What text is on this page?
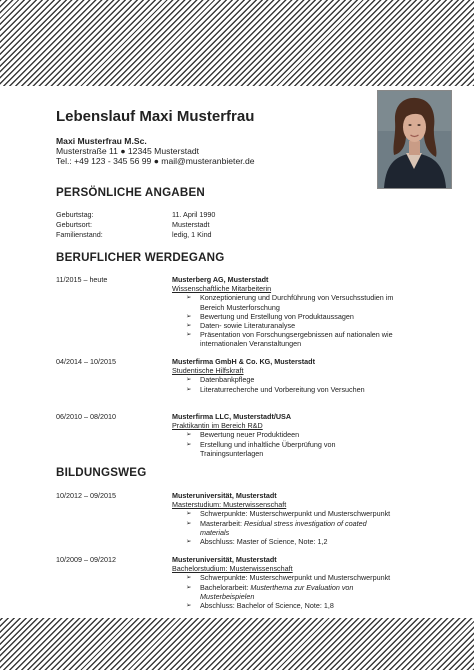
Lebenslauf Maxi Musterfrau
Maxi Musterfrau M.Sc.
Musterstraße 11 ● 12345 Musterstadt
Tel.: +49 123 - 345 56 99 ● mail@musteranbieter.de
PERSÖNLICHE ANGABEN
Geburtstag:	11. April 1990
Geburtsort:	Musterstadt
Familienstand:	ledig, 1 Kind
BERUFLICHER WERDEGANG
11/2015 – heute	Musterberg AG, Musterstadt
Wissenschaftliche Mitarbeiterin
➢ Konzeptionierung und Durchführung von Versuchsstudien im
Bereich Musterforschung
➢ Bewertung und Erstellung von Produktaussagen
➢ Daten- sowie Literaturanalyse
➢ Präsentation von Forschungsergebnissen auf nationalen wie
internationalen Veranstaltungen
04/2014 – 10/2015	Musterfirma GmbH & Co. KG, Musterstadt
Studentische Hilfskraft
➢ Datenbankpflege
➢ Literaturrecherche und Vorbereitung von Versuchen
06/2010 – 08/2010	Musterfirma LLC, Musterstadt/USA
Praktikantin im Bereich R&D
➢ Bewertung neuer Produktideen
➢ Erstellung und inhaltliche Überprüfung von
Trainingsunterlagen
BILDUNGSWEG
10/2012 – 09/2015	Musteruniversität, Musterstadt
Masterstudium: Musterwissenschaft
➢ Schwerpunkte: Musterschwerpunkt und Musterschwerpunkt
➢ Masterarbeit: Residual stress investigation of coated
materials
➢ Abschluss: Master of Science, Note: 1,2
10/2009 – 09/2012	Musteruniversität, Musterstadt
Bachelorstudium: Musterwissenschaft
➢ Schwerpunkte: Musterschwerpunkt und Musterschwerpunkt
➢ Bachelorarbeit: Musterthema zur Evaluation von
Musterbeispielen
➢ Abschluss: Bachelor of Science, Note: 1,8
